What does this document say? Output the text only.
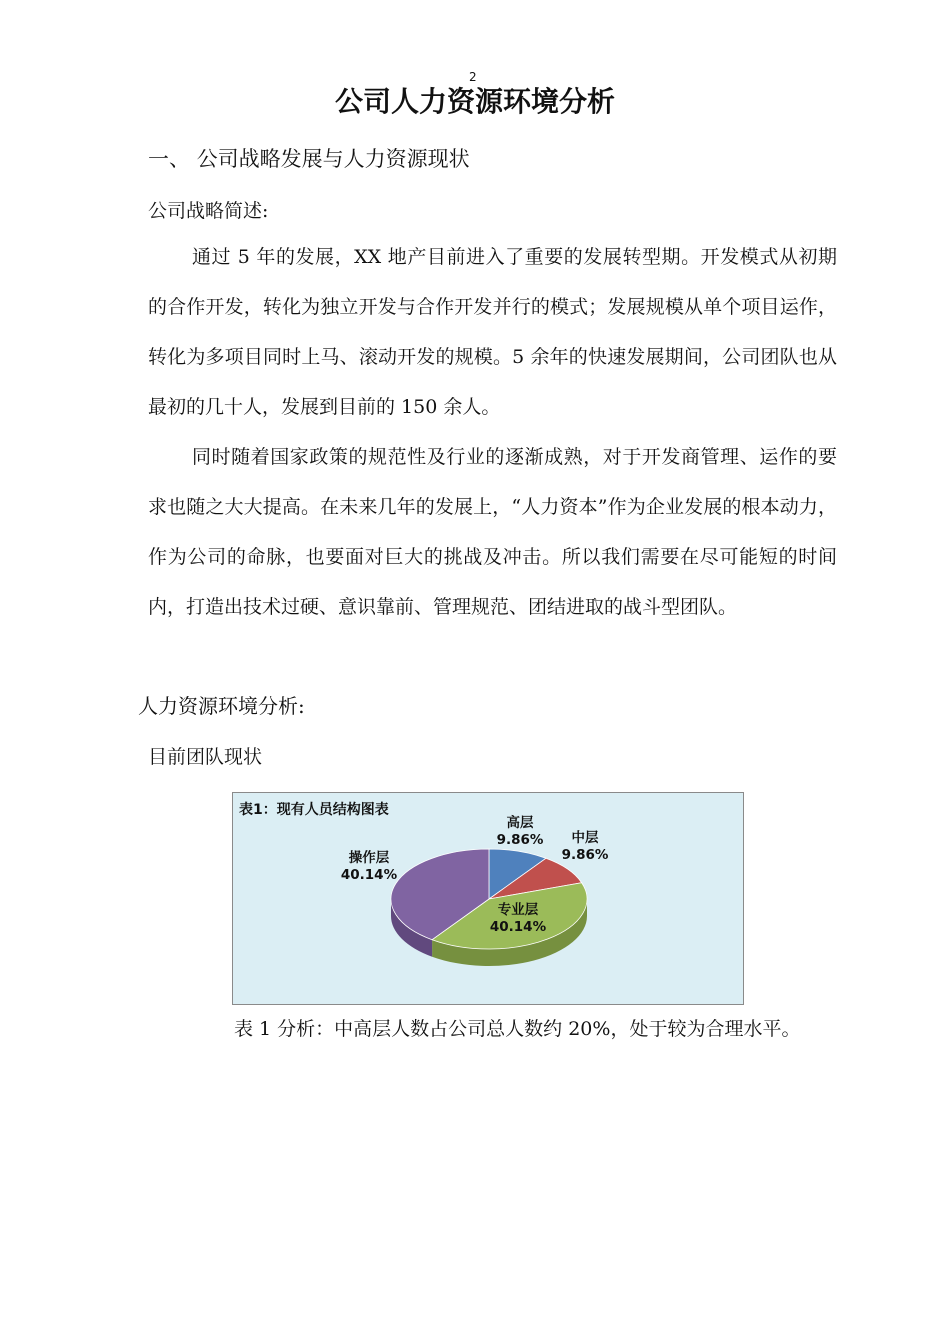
2
公司人力资源环境分析
一、 公司战略发展与人力资源现状
公司战略简述:
通过 5 年的发展，XX 地产目前进入了重要的发展转型期。开发模式从初期的合作开发，转化为独立开发与合作开发并行的模式；发展规模从单个项目运作，转化为多项目同时上马、滚动开发的规模。5 余年的快速发展期间，公司团队也从最初的几十人，发展到目前的 150 余人。
同时随着国家政策的规范性及行业的逐渐成熟，对于开发商管理、运作的要求也随之大大提高。在未来几年的发展上，“人力资本”作为企业发展的根本动力，作为公司的命脉，也要面对巨大的挑战及冲击。所以我们需要在尽可能短的时间内，打造出技术过硬、意识靠前、管理规范、团结进取的战斗型团队。
人力资源环境分析:
目前团队现状
表1：现有人员结构图表
高层
9.86%	中层
9.86%
专业层
40.14%
操作层
40.14%
表 1 分析：中高层人数占公司总人数约 20%，处于较为合理水平。
